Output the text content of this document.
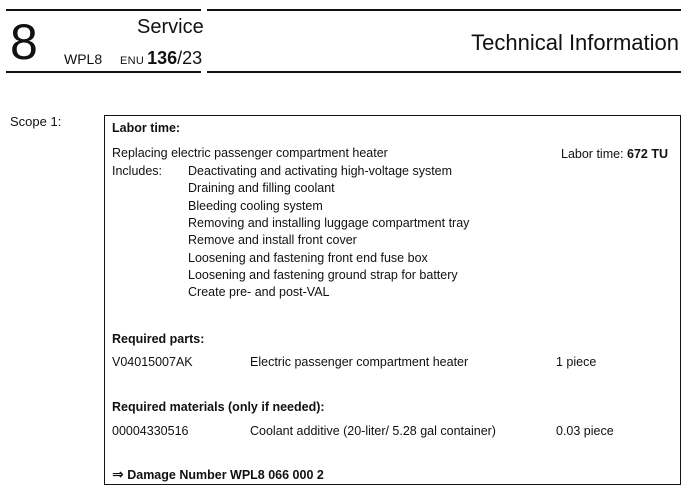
8	Service
WPL8 ENU 136/23
Technical Information
Scope 1:	Labor time:
Replacing electric passenger compartment heater	Labor time: 672 TU
Includes: Deactivating and activating high-voltage system
Draining and filling coolant
Bleeding cooling system
Removing and installing luggage compartment tray
Remove and install front cover
Loosening and fastening front end fuse box
Loosening and fastening ground strap for battery
Create pre- and post-VAL
Required parts:
V04015007AK	Electric passenger compartment heater	1 piece
Required materials (only if needed):
00004330516	Coolant additive (20-liter/ 5.28 gal container)	0.03 piece
⇒ Damage Number WPL8 066 000 2
